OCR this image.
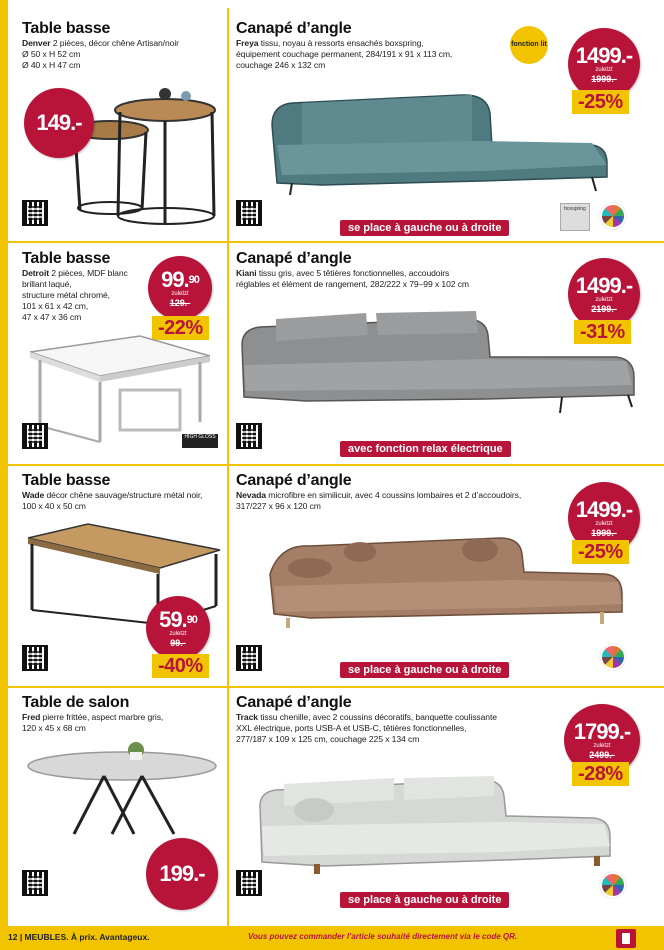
Table basse
Denver 2 pièces, décor chêne Artisan/noir
Ø 50 x H 52 cm
Ø 40 x H 47 cm
149.-
Canapé d’angle
Freya tissu, noyau à ressorts ensachés boxspring,
équipement couchage permanent, 284/191 x 91 x 113 cm,
couchage 246 x 132 cm
fonction lit 1499.-
zuletzt
1999.-
-25%
se place à gauche ou à droite
boxspring
Table basse
Detroit 2 pièces, MDF blanc
brillant laqué,
structure métal chromé,
101 x 61 x 42 cm,
47 x 47 x 36 cm
99.90
zuletzt
129.-
-22%
HIGH GLOSS
Canapé d’angle
Kiani tissu gris, avec 5 têtières fonctionnelles, accoudoirs
réglables et élément de rangement, 282/222 x 79–99 x 102 cm	1499.-
zuletzt
2199.-
-31%
avec fonction relax électrique
Table basse
Wade décor chêne sauvage/structure métal noir,
100 x 40 x 50 cm
59.90
zuletzt
99.-
-40%
Canapé d’angle
Nevada microfibre en similicuir, avec 4 coussins lombaires et 2 d’accoudoirs,
317/227 x 96 x 120 cm	1499.-
zuletzt
1999.-
-25%
se place à gauche ou à droite
Table de salon
Fred pierre frittée, aspect marbre gris,
120 x 45 x 68 cm
199.-
Canapé d’angle
Track tissu chenille, avec 2 coussins décoratifs, banquette coulissante
XXL électrique, ports USB-A et USB-C, têtières fonctionnelles,
277/187 x 109 x 125 cm, couchage 225 x 134 cm	1799.-
zuletzt
2499.-
-28%
se place à gauche ou à droite
12 | MEUBLES. À prix. Avantageux.	Vous pouvez commander l’article souhaité directement via le code QR.
